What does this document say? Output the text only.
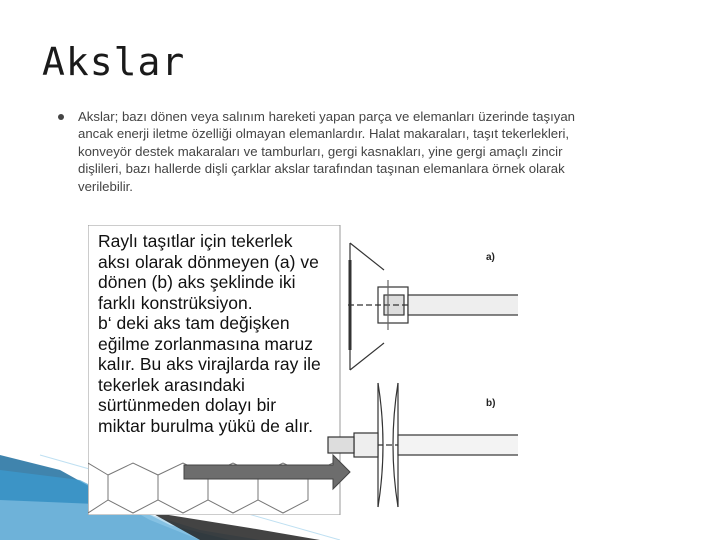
Akslar
Akslar; bazı dönen veya salınım hareketi yapan parça ve elemanları üzerinde taşıyan ancak enerji iletme özelliği olmayan elemanlardır. Halat makaraları, taşıt tekerlekleri, konveyör destek makaraları ve tamburları, gergi kasnakları, yine gergi amaçlı zincir dişlileri, bazı hallerde dişli çarklar akslar tarafından taşınan elemanlara örnek olarak verilebilir.

Raylı taşıtlar için tekerlek aksı olarak dönmeyen (a) ve dönen (b) aks şeklinde iki farklı konstrüksiyon.

b‘ deki aks tam değişken eğilme zorlanmasına maruz kalır. Bu aks virajlarda ray ile tekerlek arasındaki sürtünmeden dolayı bir miktar burulma yükü de alır.

a)
b)
